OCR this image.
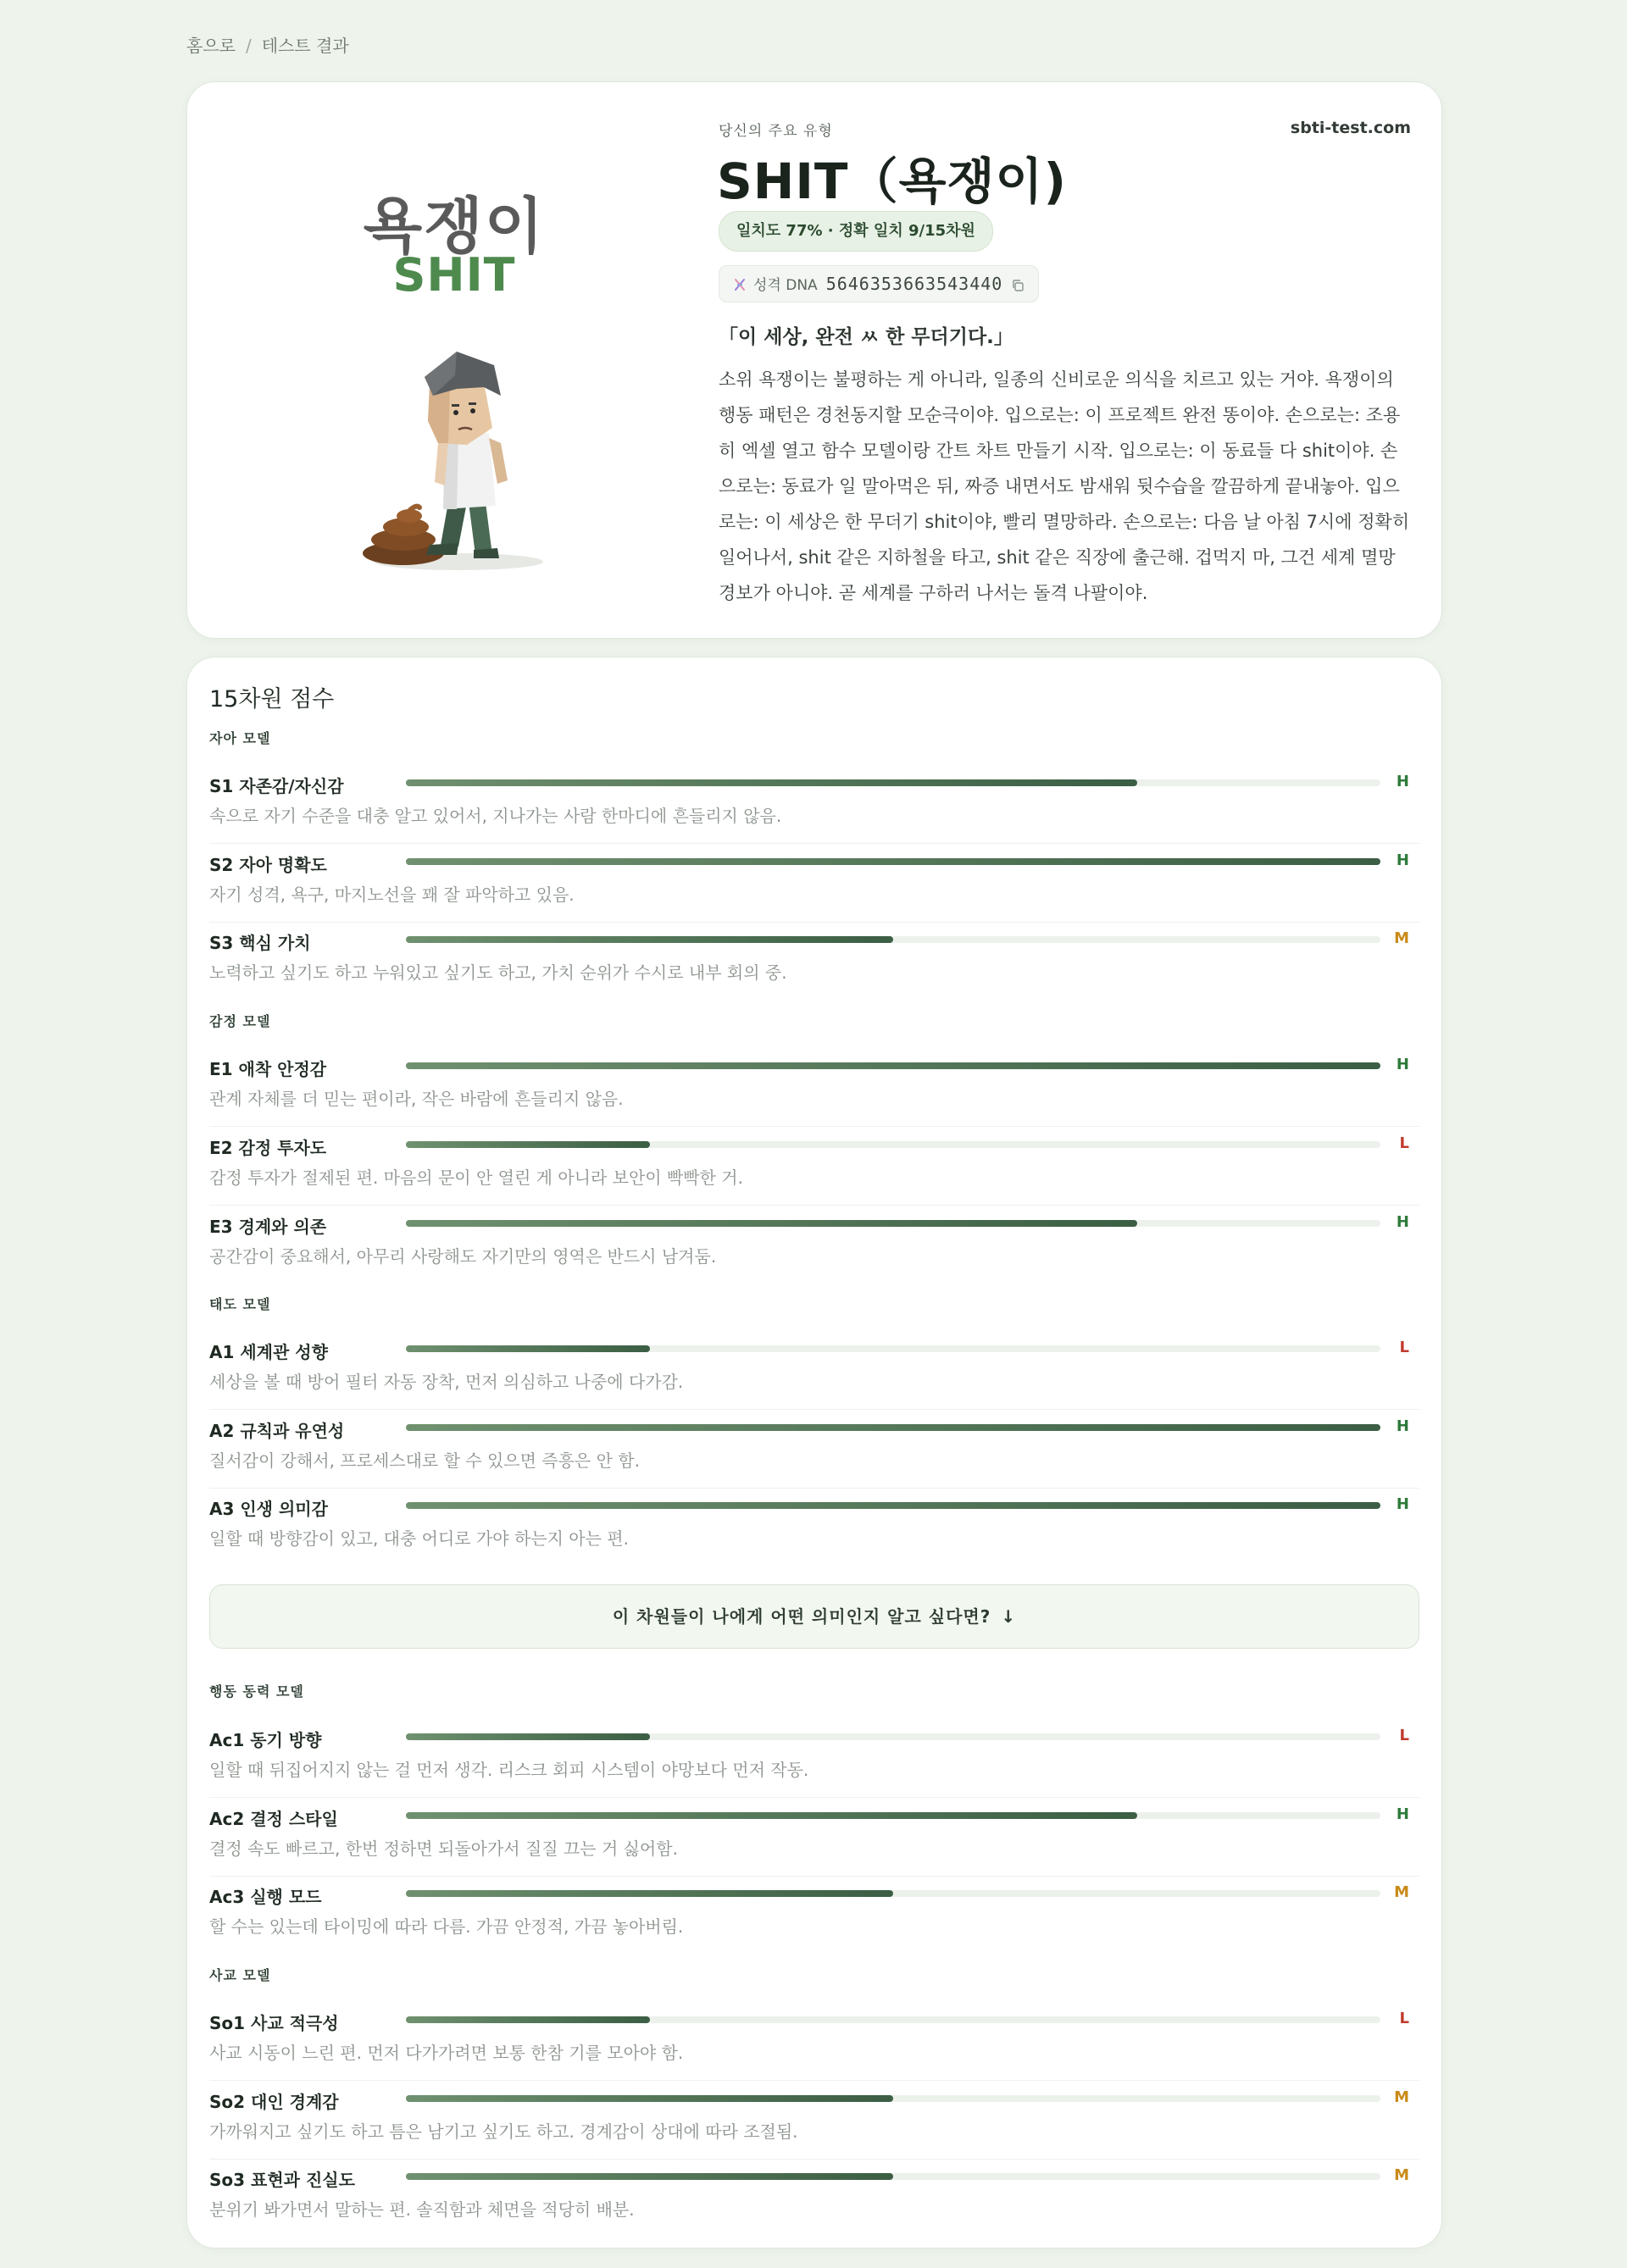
홈으로 / 테스트 결과
욕쟁이
SHIT
당신의 주요 유형	sbti-test.com
SHIT（욕쟁이)
일치도 77% · 정확 일치 9/15차원
성격 DNA 5646353663543440
「이 세상, 완전 ㅆ 한 무더기다.」
소위 욕쟁이는 불평하는 게 아니라, 일종의 신비로운 의식을 치르고 있는 거야. 욕쟁이의 행동 패턴은 경천동지할 모순극이야. 입으로는: 이 프로젝트 완전 똥이야. 손으로는: 조용히 엑셀 열고 함수 모델이랑 간트 차트 만들기 시작. 입으로는: 이 동료들 다 shit이야. 손으로는: 동료가 일 말아먹은 뒤, 짜증 내면서도 밤새워 뒷수습을 깔끔하게 끝내놓아. 입으로는: 이 세상은 한 무더기 shit이야, 빨리 멸망하라. 손으로는: 다음 날 아침 7시에 정확히 일어나서, shit 같은 지하철을 타고, shit 같은 직장에 출근해. 겁먹지 마, 그건 세계 멸망 경보가 아니야. 곧 세계를 구하러 나서는 돌격 나팔이야.
15차원 점수
자아 모델
S1 자존감/자신감	H
속으로 자기 수준을 대충 알고 있어서, 지나가는 사람 한마디에 흔들리지 않음.
S2 자아 명확도	H
자기 성격, 욕구, 마지노선을 꽤 잘 파악하고 있음.
S3 핵심 가치	M
노력하고 싶기도 하고 누워있고 싶기도 하고, 가치 순위가 수시로 내부 회의 중.
감정 모델
E1 애착 안정감	H
관계 자체를 더 믿는 편이라, 작은 바람에 흔들리지 않음.
E2 감정 투자도	L
감정 투자가 절제된 편. 마음의 문이 안 열린 게 아니라 보안이 빡빡한 거.
E3 경계와 의존	H
공간감이 중요해서, 아무리 사랑해도 자기만의 영역은 반드시 남겨둠.
태도 모델
A1 세계관 성향	L
세상을 볼 때 방어 필터 자동 장착, 먼저 의심하고 나중에 다가감.
A2 규칙과 유연성	H
질서감이 강해서, 프로세스대로 할 수 있으면 즉흥은 안 함.
A3 인생 의미감	H
일할 때 방향감이 있고, 대충 어디로 가야 하는지 아는 편.
이 차원들이 나에게 어떤 의미인지 알고 싶다면? ↓
행동 동력 모델
Ac1 동기 방향	L
일할 때 뒤집어지지 않는 걸 먼저 생각. 리스크 회피 시스템이 야망보다 먼저 작동.
Ac2 결정 스타일	H
결정 속도 빠르고, 한번 정하면 되돌아가서 질질 끄는 거 싫어함.
Ac3 실행 모드	M
할 수는 있는데 타이밍에 따라 다름. 가끔 안정적, 가끔 놓아버림.
사교 모델
So1 사교 적극성	L
사교 시동이 느린 편. 먼저 다가가려면 보통 한참 기를 모아야 함.
So2 대인 경계감	M
가까워지고 싶기도 하고 틈은 남기고 싶기도 하고. 경계감이 상대에 따라 조절됨.
So3 표현과 진실도	M
분위기 봐가면서 말하는 편. 솔직함과 체면을 적당히 배분.
